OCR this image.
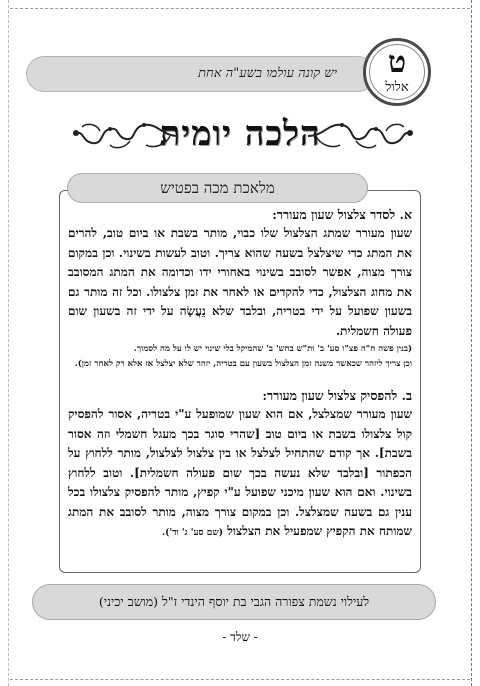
יש קונה עולמו בשע"ה אחת	ט
אלול
הלכה יומית
מלאכת מכה בפטיש

א. לסדר צלצול שעון מעורר:

שעון מעורר שמתג הצלצול שלו כבוי, מותר בשבת או ביום טוב, להרים את המתג כדי שיצלצל בשעה שהוא צריך. וטוב לעשות בשינוי. וכן במקום צורך מצוה, אפשר לסובב בשינוי באחורי ידו וכדומה את המתג המסובב את מחוג הצלצול, כדי להקדים או לאחר את זמן צלצולו. וכל זה מותר גם בשעון שפועל על ידי בטריה, ובלבד שלא נֵעֲשָׂה על ידי זה בשעון שום פעולה חשמלית.

(בנין פשה ח"ה פצ"ו סע' ב' ות"ש בחש' ב' שהמיקל בלי שינוי יש לו על מה לסמוך.

וכן צריך ליזהר שכאשר משנה זמן הצלצול בשעון עם בטריה, יזהר שלא יצלצל אז אלא רק לאחר זמן).

ב. להפסיק צלצול שעון מעורר:

שעון מעורר שמצלצל, אם הוא שעון שמופעל ע"י בטריה, אסור להפסיק קול צלצולו בשבת או ביום טוב [שהרי סוגר בכך מעגל חשמלי וזה אסור בשבת]. אך קודם שהתחיל לצלצל או בין צלצול לצלצול, מותר ללחוץ על הכפתור [ובלבד שלא נעשה בכך שום פעולה חשמלית]. וטוב ללחוץ בשינוי. ואם הוא שעון מיכני שפועל ע"י קפיץ, מותר להפסיק צלצולו בכל ענין גם בשעה שמצלצל. וכן במקום צורך מצוה, מותר לסובב את המתג שמותח את הקפיץ שמפעיל את הצלצול (שם סע' ג' וד').

לעילוי נשמת צפורה הגבי בת יוסף הינדי ז"ל (מושב יכיני)
- שלד -
